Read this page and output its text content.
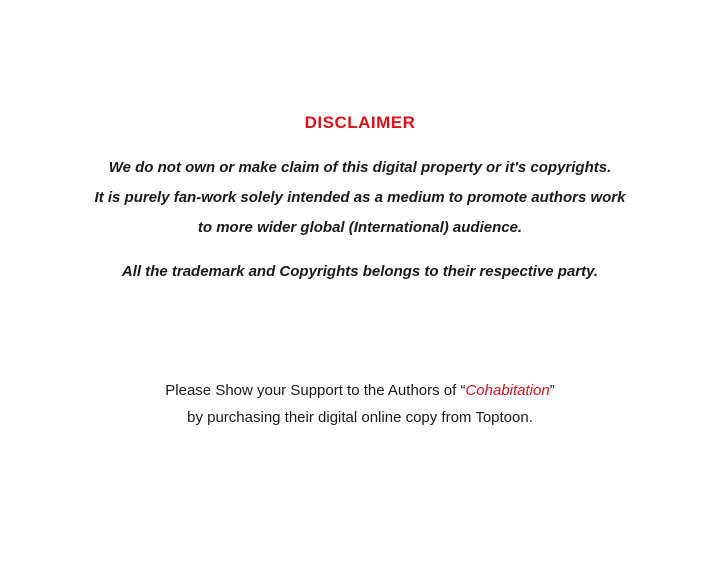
DISCLAIMER

We do not own or make claim of this digital property or it's copyrights.
It is purely fan-work solely intended as a medium to promote authors work
to more wider global (International) audience.

All the trademark and Copyrights belongs to their respective party.

Please Show your Support to the Authors of “Cohabitation”

by purchasing their digital online copy from Toptoon.
